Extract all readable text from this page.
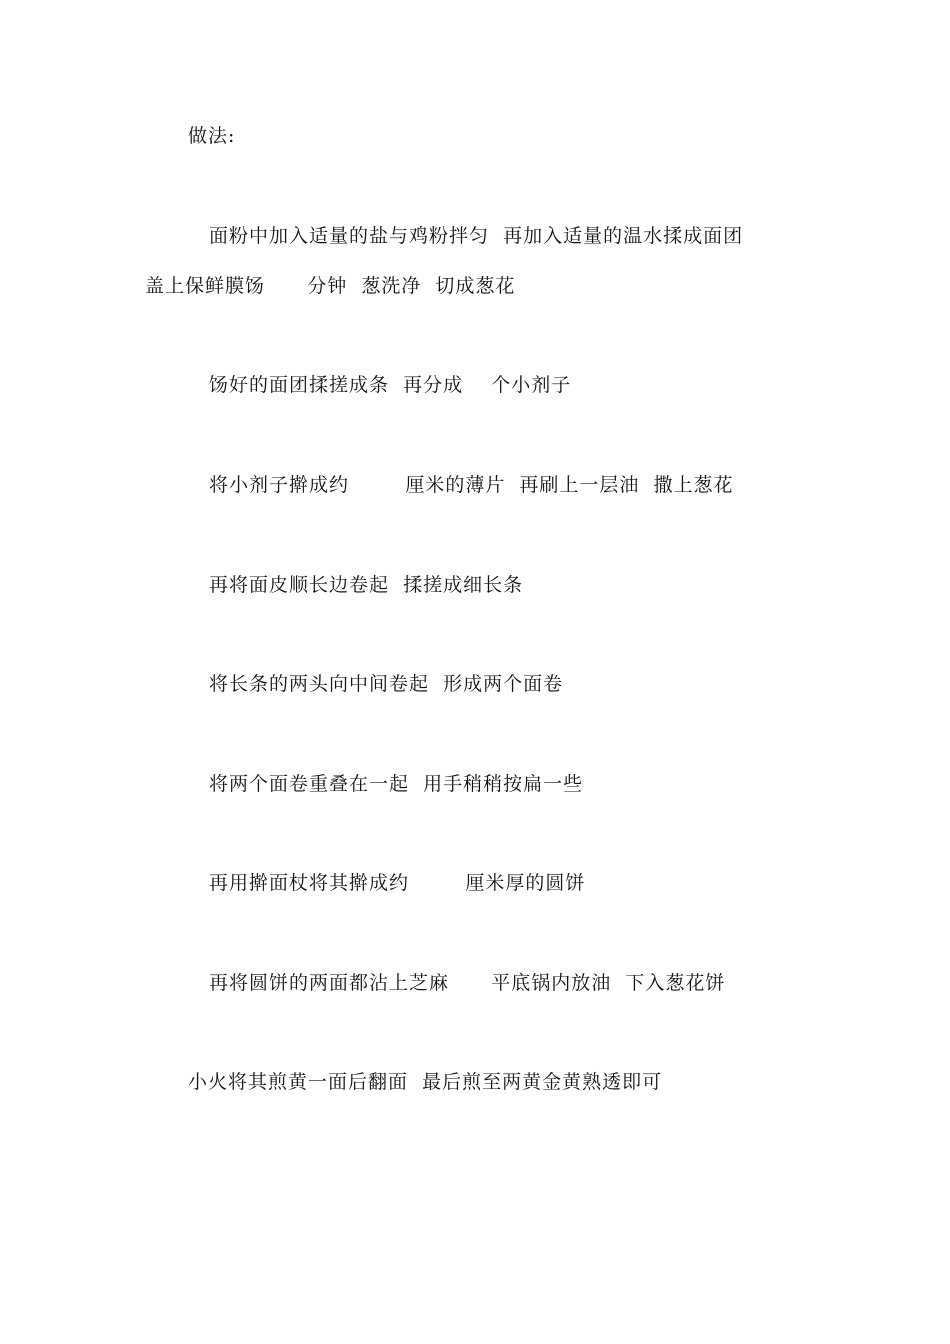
做法:
面粉中加入适量的盐与鸡粉拌匀  再加入适量的温水揉成面团
盖上保鲜膜饧      分钟  葱洗净  切成葱花
饧好的面团揉搓成条  再分成    个小剂子
将小剂子擀成约        厘米的薄片  再刷上一层油  撒上葱花
再将面皮顺长边卷起  揉搓成细长条
将长条的两头向中间卷起  形成两个面卷
将两个面卷重叠在一起  用手稍稍按扁一些
再用擀面杖将其擀成约        厘米厚的圆饼
再将圆饼的两面都沾上芝麻      平底锅内放油  下入葱花饼
小火将其煎黄一面后翻面  最后煎至两黄金黄熟透即可
